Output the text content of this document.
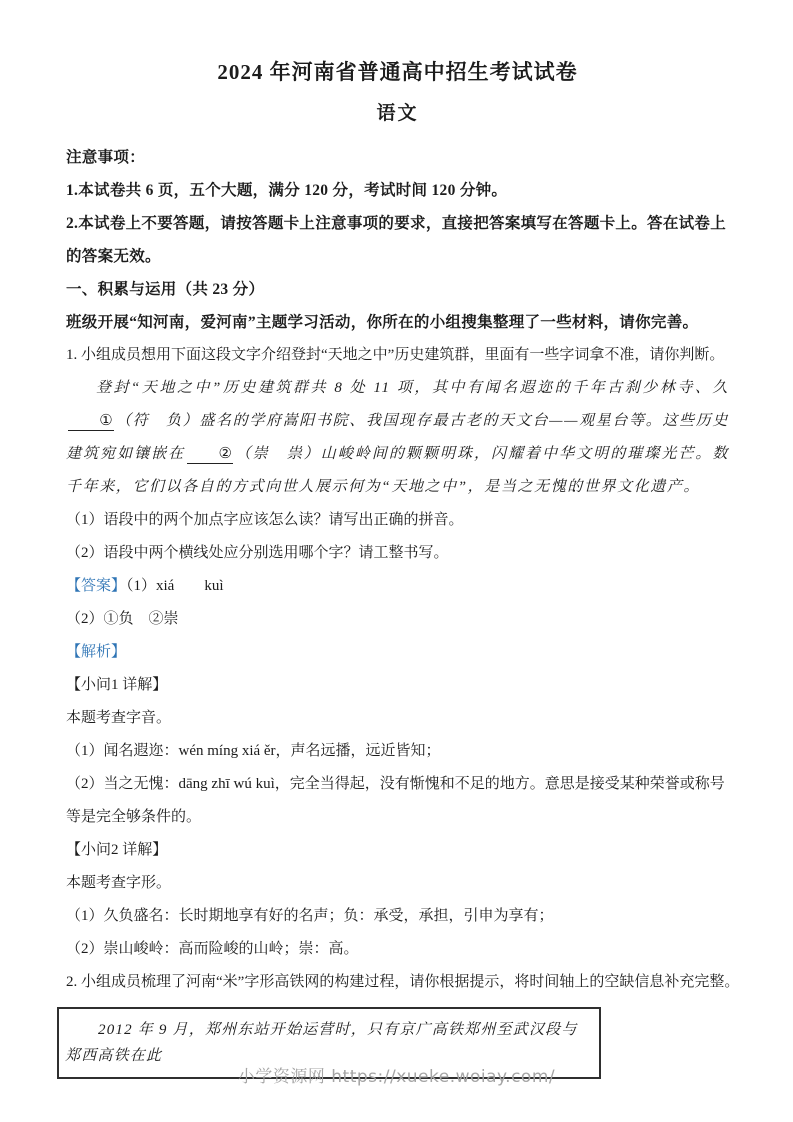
2024 年河南省普通高中招生考试试卷
语文

注意事项：

1.本试卷共 6 页，五个大题，满分 120 分，考试时间 120 分钟。

2.本试卷上不要答题，请按答题卡上注意事项的要求，直接把答案填写在答题卡上。答在试卷上的答案无效。

一、积累与运用（共 23 分）

班级开展“知河南，爱河南”主题学习活动，你所在的小组搜集整理了一些材料，请你完善。

1. 小组成员想用下面这段文字介绍登封“天地之中”历史建筑群，里面有一些字词拿不准，请你判断。

登封“天地之中”历史建筑群共 8 处 11 项，其中有闻名遐迩的千年古刹少林寺、久① （符　负）盛名的学府嵩阳书院、我国现存最古老的天文台——观星台等。这些历史建筑宛如镶嵌在 ② （崇　祟）山峻岭间的颗颗明珠，闪耀着中华文明的璀璨光芒。数千年来，它们以各自的方式向世人展示何为“天地之中”，是当之无愧的世界文化遗产。

（1）语段中的两个加点字应该怎么读？请写出正确的拼音。

（2）语段中两个横线处应分别选用哪个字？请工整书写。

【答案】（1）xiá　　kuì

（2）①负　②崇

【解析】

【小问1 详解】

本题考查字音。

（1）闻名遐迩：wén míng xiá ěr，声名远播，远近皆知；

（2）当之无愧：dāng zhī wú kuì，完全当得起，没有惭愧和不足的地方。意思是接受某种荣誉或称号等是完全够条件的。

【小问2 详解】

本题考查字形。

（1）久负盛名：长时期地享有好的名声；负：承受，承担，引申为享有；

（2）崇山峻岭：高而险峻的山岭；崇：高。

2. 小组成员梳理了河南“米”字形高铁网的构建过程，请你根据提示，将时间轴上的空缺信息补充完整。

2012 年 9 月，郑州东站开始运营时，只有京广高铁郑州至武汉段与郑西高铁在此

小学资源网 https://xueke.woiay.com/
